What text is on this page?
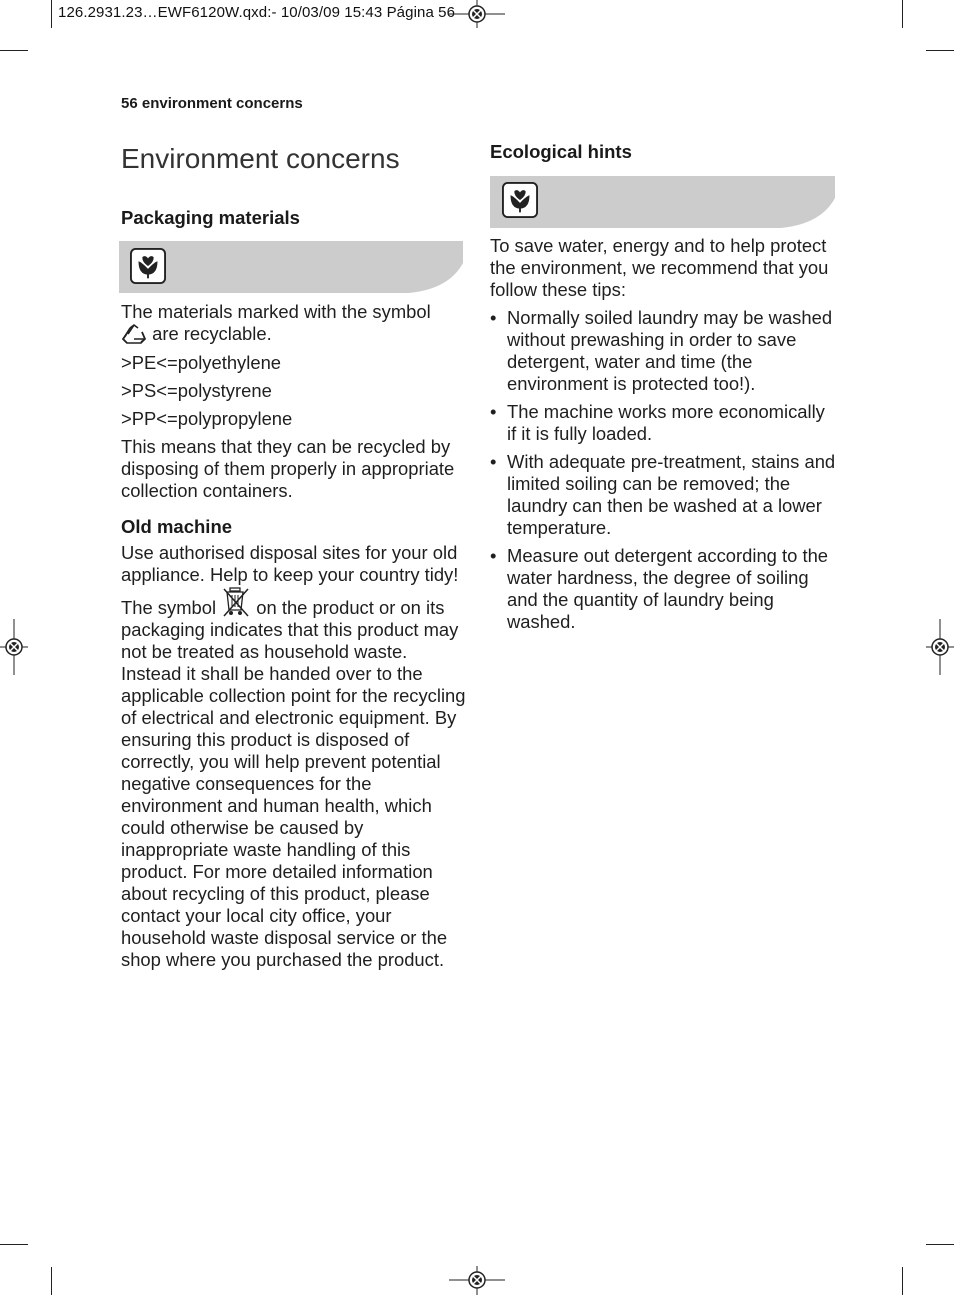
126.2931.23…EWF6120W.qxd:- 10/03/09 15:43 Página 56
56 environment concerns
Environment concerns
Packaging materials

The materials marked with the symbol
are recyclable.

>PE<=polyethylene

>PS<=polystyrene

>PP<=polypropylene

This means that they can be recycled by disposing of them properly in appropriate collection containers.

Old machine

Use authorised disposal sites for your old appliance. Help to keep your country tidy!

The symbol  on the product or on its packaging indicates that this product may not be treated as household waste. Instead it shall be handed over to the applicable collection point for the recycling of electrical and electronic equipment. By ensuring this product is disposed of correctly, you will help prevent potential negative consequences for the environment and human health, which could otherwise be caused by inappropriate waste handling of this product. For more detailed information about recycling of this product, please contact your local city office, your household waste disposal service or the shop where you purchased the product.

Ecological hints

To save water, energy and to help protect the environment, we recommend that you follow these tips:

• Normally soiled laundry may be washed without prewashing in order to save detergent, water and time (the environment is protected too!).
• The machine works more economically if it is fully loaded.
• With adequate pre-treatment, stains and limited soiling can be removed; the laundry can then be washed at a lower temperature.
• Measure out detergent according to the water hardness, the degree of soiling and the quantity of laundry being washed.
